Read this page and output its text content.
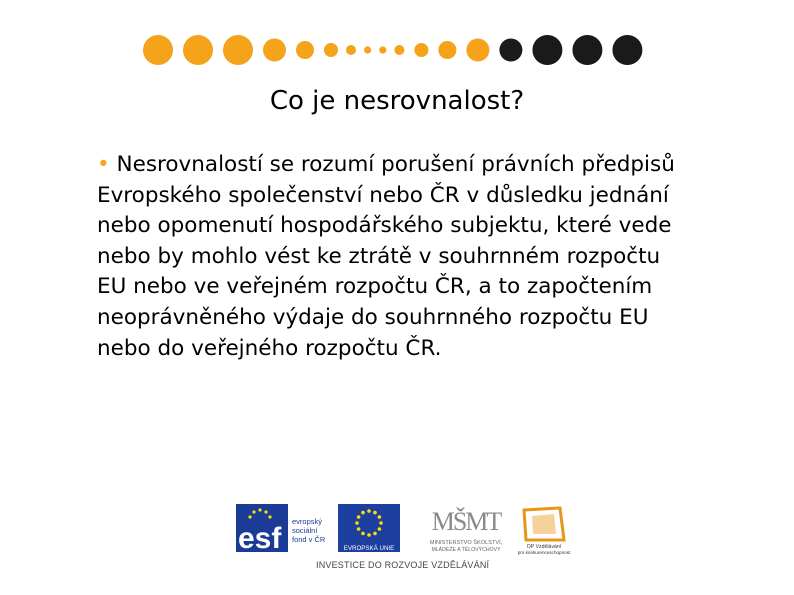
Co je nesrovnalost?
• Nesrovnalostí se rozumí porušení právních předpisů
Evropského společenství nebo ČR v důsledku jednání
nebo opomenutí hospodářského subjektu, které vede
nebo by mohlo vést ke ztrátě v souhrnném rozpočtu
EU nebo ve veřejném rozpočtu ČR, a to započtením
neoprávněného výdaje do souhrnného rozpočtu EU
nebo do veřejného rozpočtu ČR.
esf
evropský
sociální
fond v ČR
EVROPSKÁ UNIE
MŠMT
MINISTERSTVO ŠKOLSTVÍ,
MLÁDEŽE A TĚLOVÝCHOVY	OP Vzdělávání
pro konkurenceschopnost
INVESTICE DO ROZVOJE VZDĚLÁVÁNÍ
